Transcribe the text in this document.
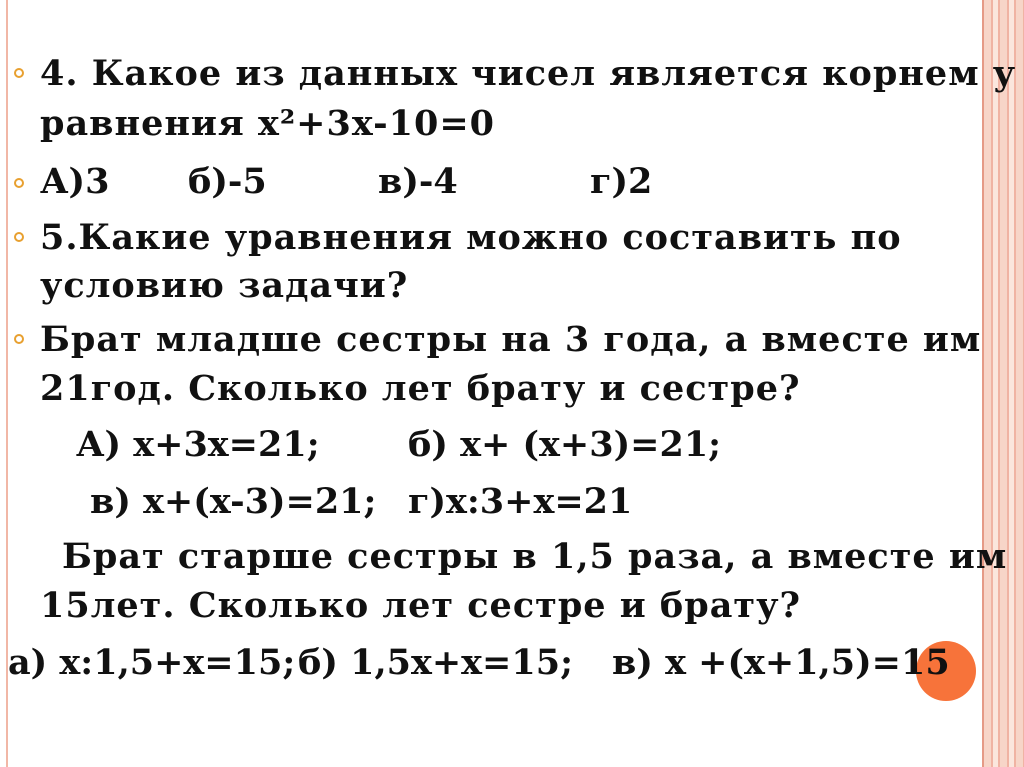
4. Какое из данных чисел является корнем у
равнения x²+3x-10=0
А)3 б)-5	в)-4	г)2
5.Какие уравнения можно составить по
условию задачи?
Брат младше сестры на 3 года, а вместе им
21год. Сколько лет брату и сестре?
А) x+3x=21;	б) x+ (x+3)=21;
в) x+(x-3)=21; г)x:3+x=21
Брат старше сестры в 1,5 раза, а вместе им
15лет. Сколько лет сестре и брату?
а) x:1,5+x=15; б) 1,5x+x=15; в) x +(x+1,5)=15
